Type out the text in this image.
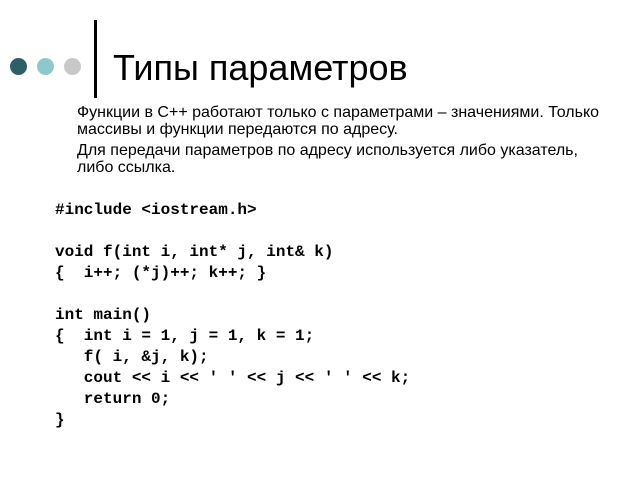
Типы параметров
Функции в C++ работают только с параметрами – значениями. Только массивы и функции передаются по адресу.
Для передачи параметров по адресу используется либо указатель, либо ссылка.
#include <iostream.h>
void f(int i, int* j, int& k)
{  i++; (*j)++; k++; }
int main()
{  int i = 1, j = 1, k = 1;
f( i, &j, k);
cout << i << ' ' << j << ' ' << k;
return 0;
}
